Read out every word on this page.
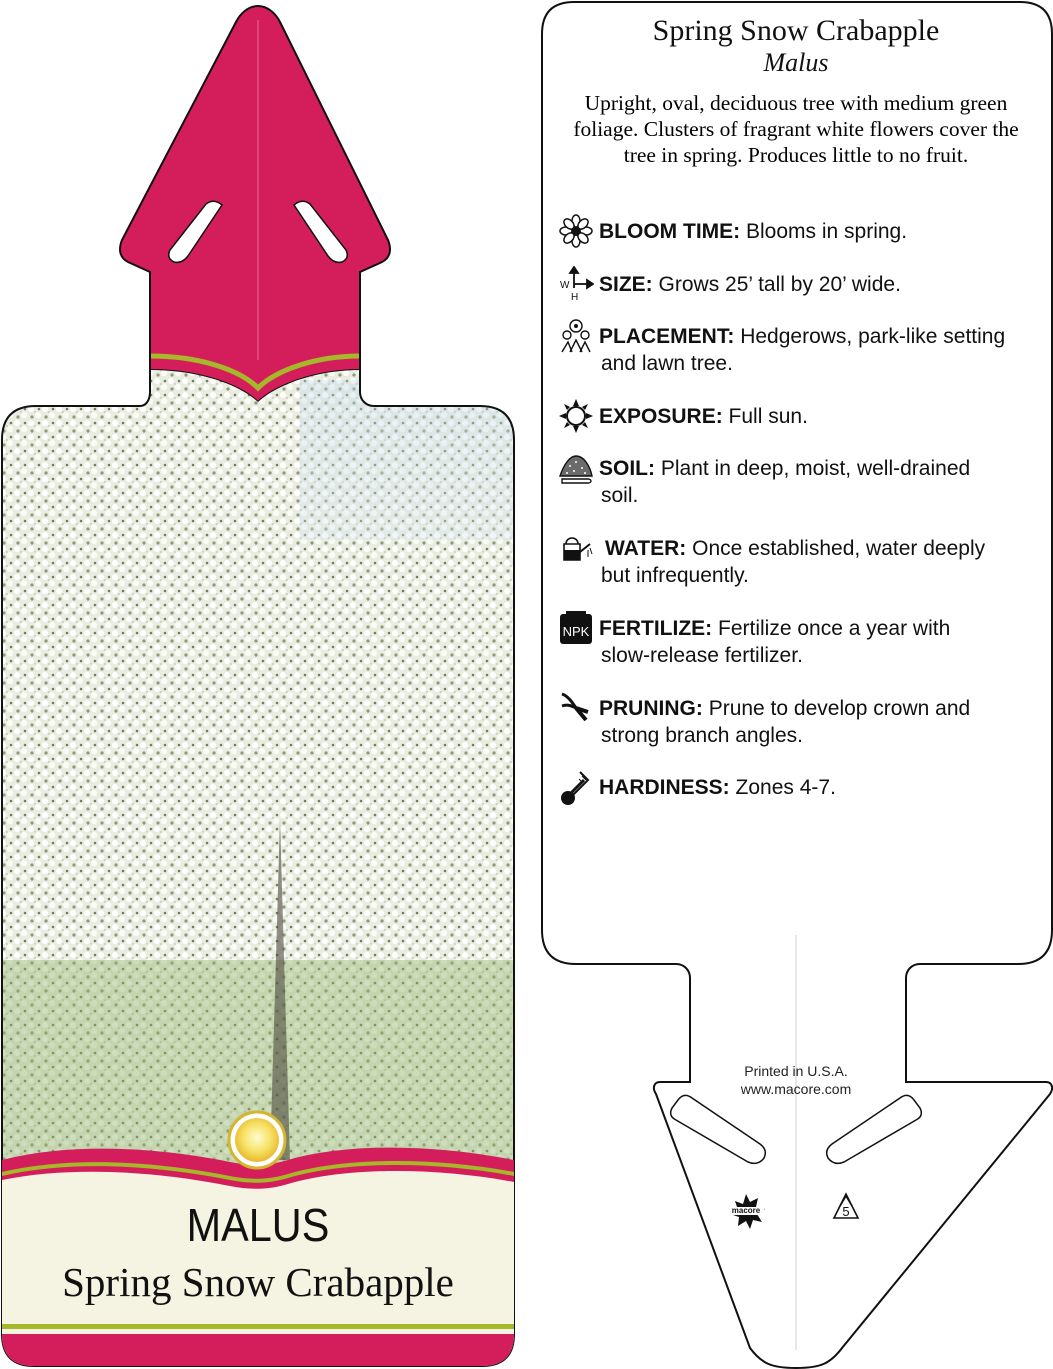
MALUS
Spring Snow Crabapple
Spring Snow Crabapple
Malus
Upright, oval, deciduous tree with medium green foliage. Clusters of fragrant white flowers cover the tree in spring. Produces little to no fruit.
BLOOM TIME: Blooms in spring.
SIZE: Grows 25’ tall by 20’ wide.
PLACEMENT: Hedgerows, park-like setting
and lawn tree.
EXPOSURE: Full sun.
SOIL: Plant in deep, moist, well-drained
soil.
WATER: Once established, water deeply
but infrequently.
FERTILIZE: Fertilize once a year with
slow-release fertilizer.
PRUNING: Prune to develop crown and
strong branch angles.
HARDINESS: Zones 4-7.
W
H
NPK
Printed in U.S.A.
www.macore.com
macore	5
